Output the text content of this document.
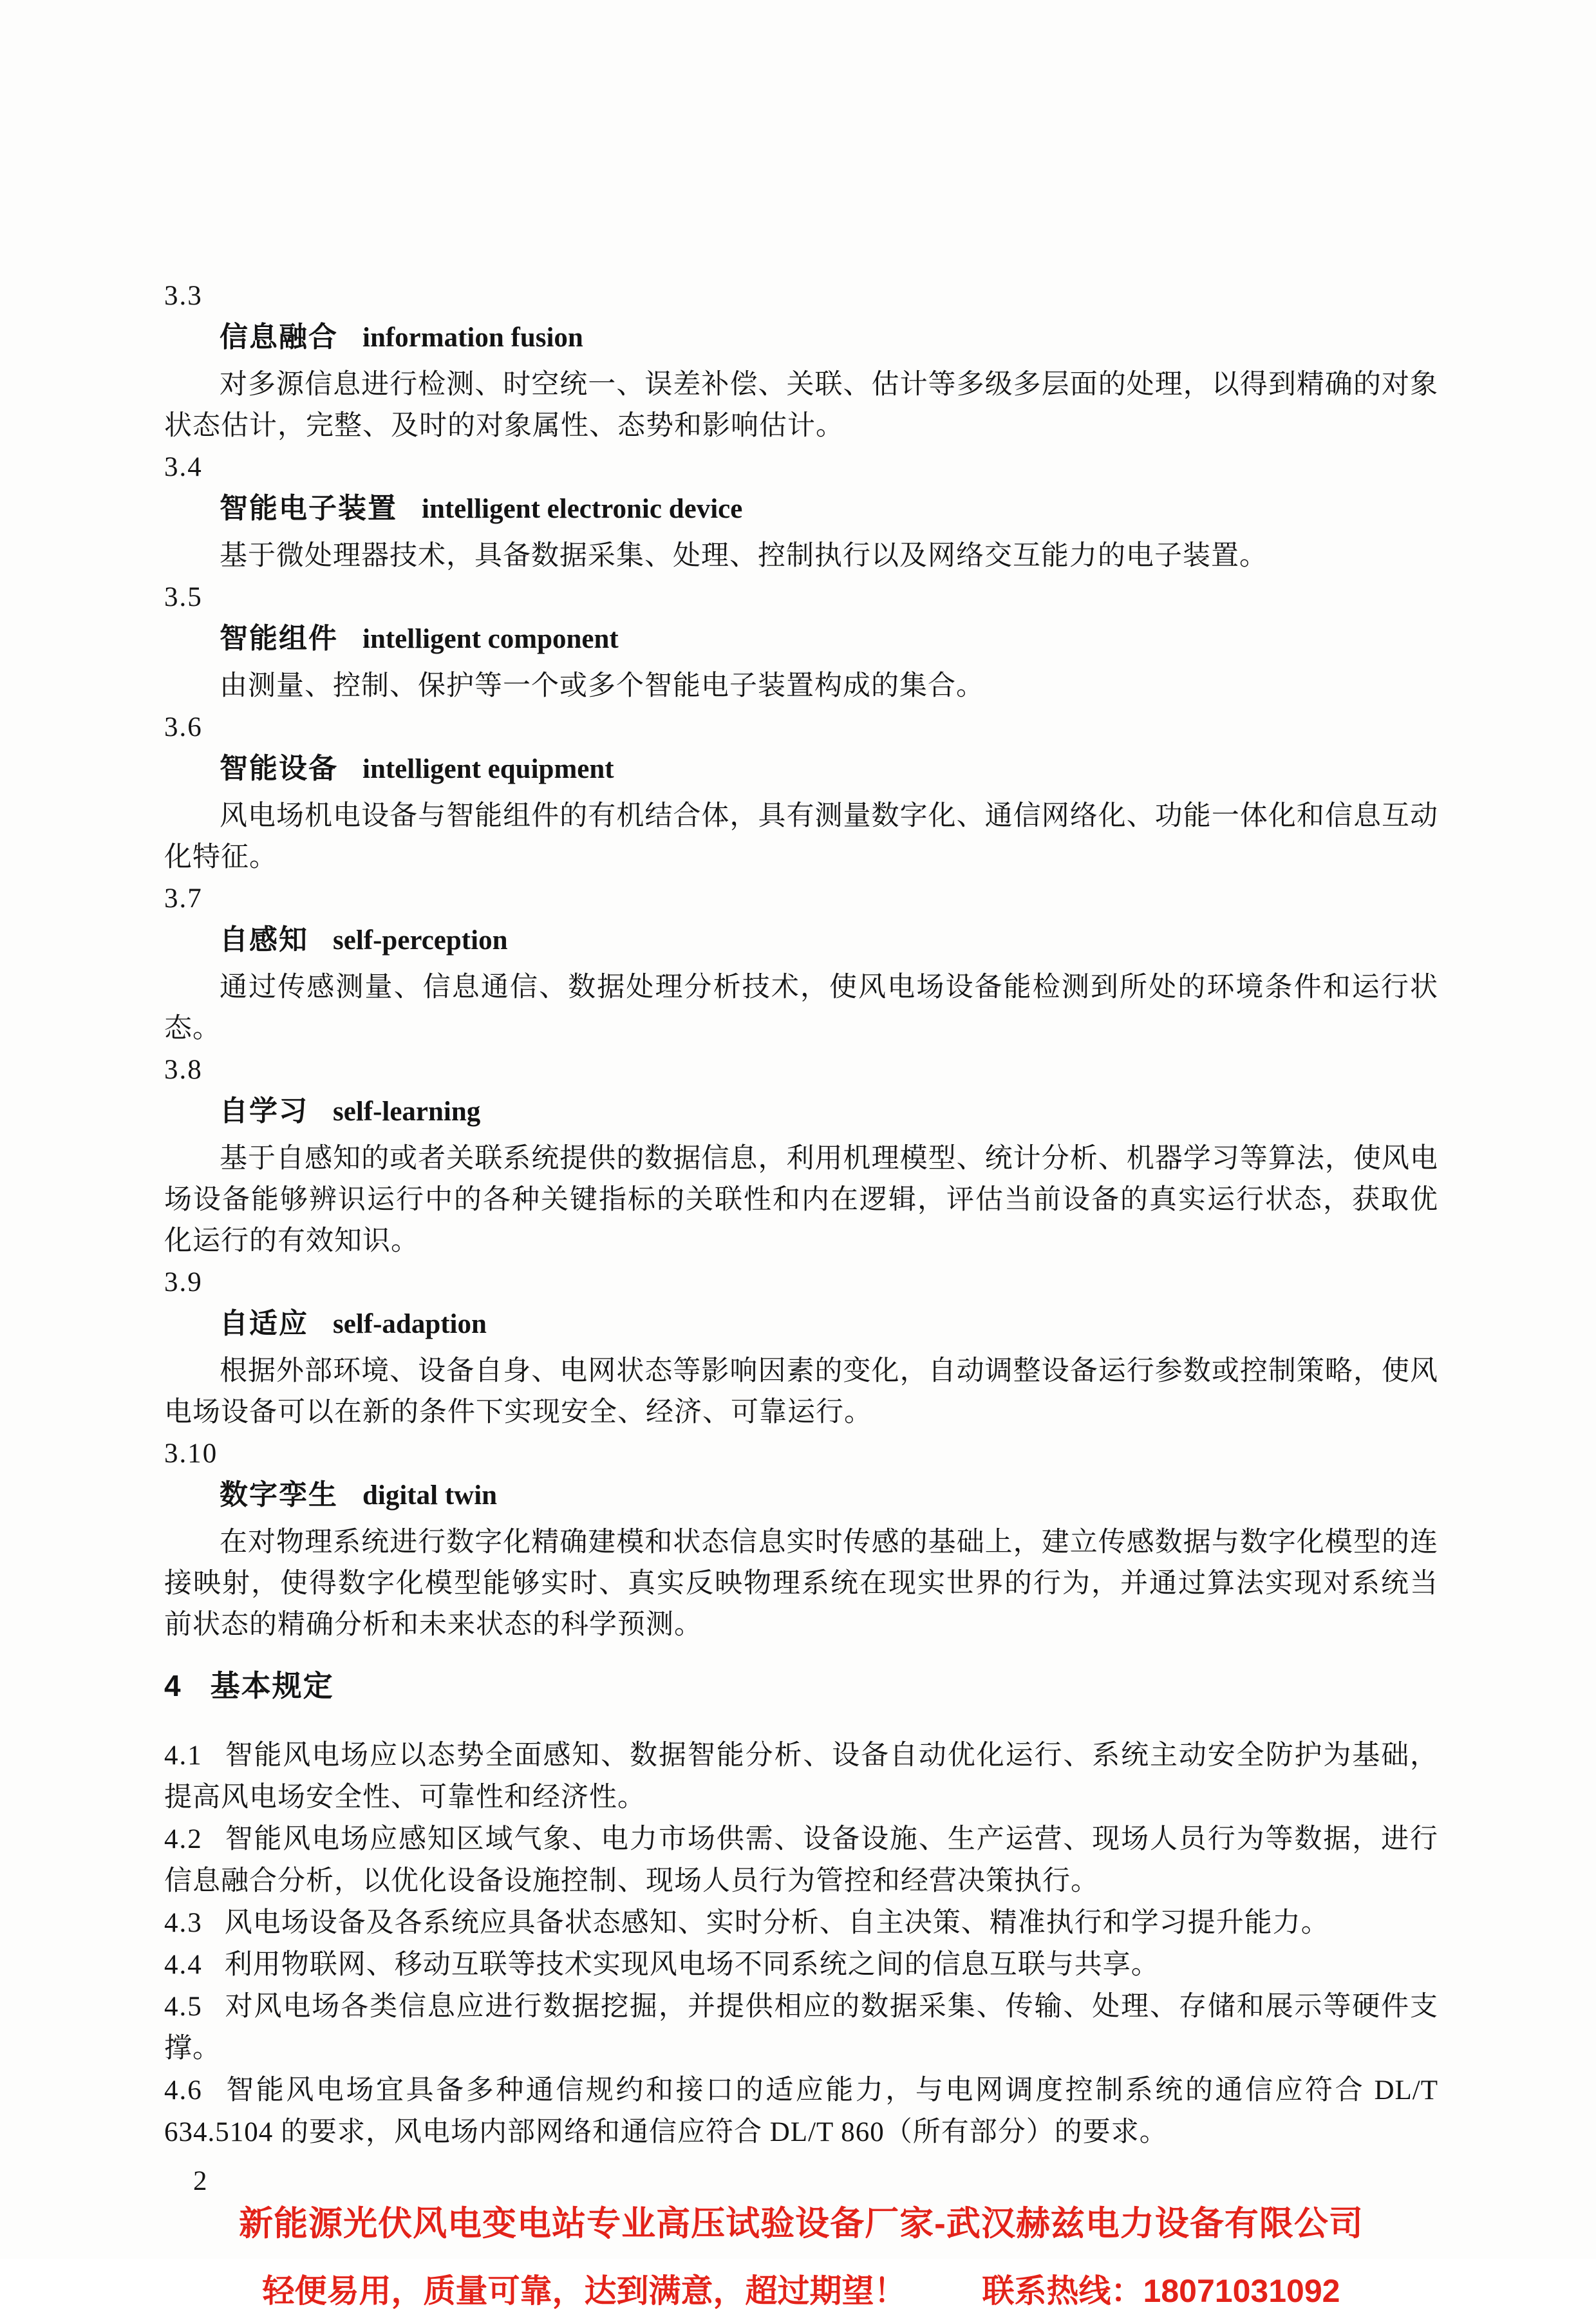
3.3
信息融合 information fusion
对多源信息进行检测、时空统一、误差补偿、关联、估计等多级多层面的处理，以得到精确的对象状态估计，完整、及时的对象属性、态势和影响估计。
3.4
智能电子装置 intelligent electronic device
基于微处理器技术，具备数据采集、处理、控制执行以及网络交互能力的电子装置。
3.5
智能组件 intelligent component
由测量、控制、保护等一个或多个智能电子装置构成的集合。
3.6
智能设备 intelligent equipment
风电场机电设备与智能组件的有机结合体，具有测量数字化、通信网络化、功能一体化和信息互动化特征。
3.7
自感知 self-perception
通过传感测量、信息通信、数据处理分析技术，使风电场设备能检测到所处的环境条件和运行状态。
3.8
自学习 self-learning
基于自感知的或者关联系统提供的数据信息，利用机理模型、统计分析、机器学习等算法，使风电场设备能够辨识运行中的各种关键指标的关联性和内在逻辑，评估当前设备的真实运行状态，获取优化运行的有效知识。
3.9
自适应 self-adaption
根据外部环境、设备自身、电网状态等影响因素的变化，自动调整设备运行参数或控制策略，使风电场设备可以在新的条件下实现安全、经济、可靠运行。
3.10
数字孪生 digital twin
在对物理系统进行数字化精确建模和状态信息实时传感的基础上，建立传感数据与数字化模型的连接映射，使得数字化模型能够实时、真实反映物理系统在现实世界的行为，并通过算法实现对系统当前状态的精确分析和未来状态的科学预测。
4 基本规定
4.1 智能风电场应以态势全面感知、数据智能分析、设备自动优化运行、系统主动安全防护为基础，提高风电场安全性、可靠性和经济性。
4.2 智能风电场应感知区域气象、电力市场供需、设备设施、生产运营、现场人员行为等数据，进行信息融合分析，以优化设备设施控制、现场人员行为管控和经营决策执行。
4.3 风电场设备及各系统应具备状态感知、实时分析、自主决策、精准执行和学习提升能力。
4.4 利用物联网、移动互联等技术实现风电场不同系统之间的信息互联与共享。
4.5 对风电场各类信息应进行数据挖掘，并提供相应的数据采集、传输、处理、存储和展示等硬件支撑。
4.6 智能风电场宜具备多种通信规约和接口的适应能力，与电网调度控制系统的通信应符合 DL/T 634.5104 的要求，风电场内部网络和通信应符合 DL/T 860（所有部分）的要求。
2
新能源光伏风电变电站专业高压试验设备厂家-武汉赫兹电力设备有限公司
轻便易用，质量可靠，达到满意，超过期望！ 联系热线：18071031092
